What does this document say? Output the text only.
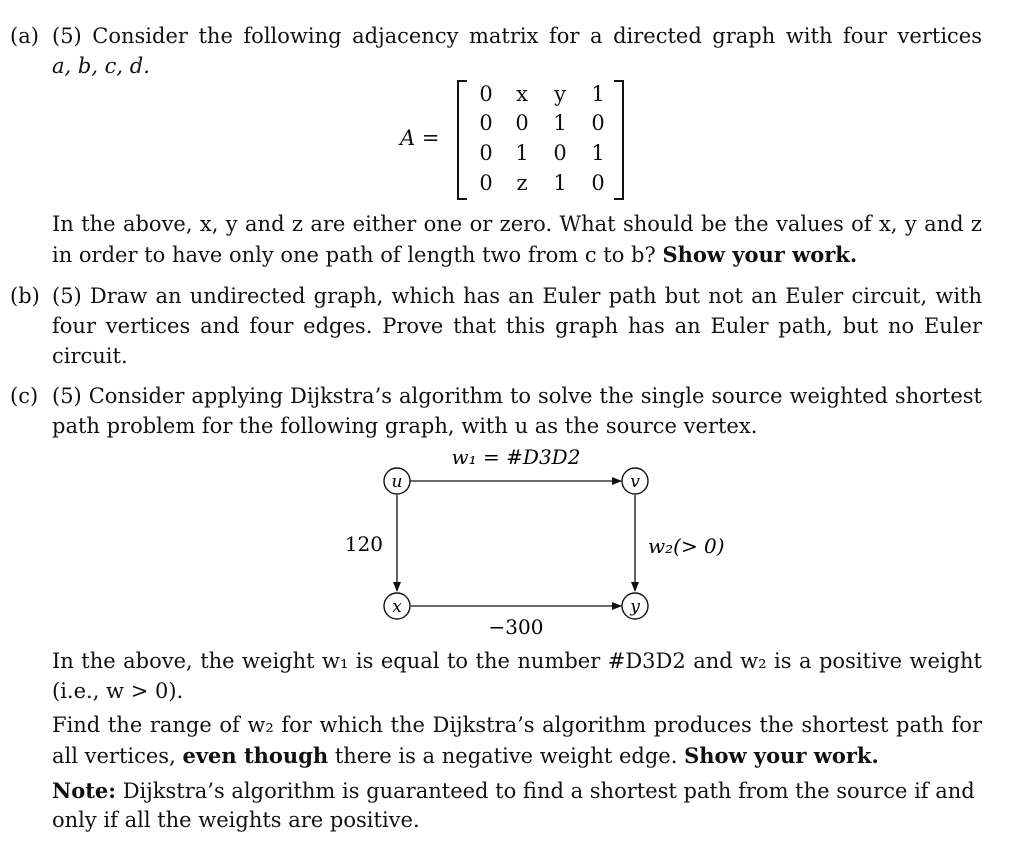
(a) (5) Consider the following adjacency matrix for a directed graph with four vertices
a, b, c, d.
A =
0	x	y	1
0	0	1	0
0	1	0	1
0	z	1	0
In the above, x, y and z are either one or zero. What should be the values of x, y and z
in order to have only one path of length two from c to b? Show your work.
(b) (5) Draw an undirected graph, which has an Euler path but not an Euler circuit, with
four vertices and four edges. Prove that this graph has an Euler path, but no Euler
circuit.
(c) (5) Consider applying Dijkstra’s algorithm to solve the single source weighted shortest
path problem for the following graph, with u as the source vertex.
u	v
x	y
w₁ = #D3D2
120	w₂(> 0)
−300
In the above, the weight w₁ is equal to the number #D3D2 and w₂ is a positive weight
(i.e., w > 0).
Find the range of w₂ for which the Dijkstra’s algorithm produces the shortest path for
all vertices, even though there is a negative weight edge. Show your work.
Note: Dijkstra’s algorithm is guaranteed to find a shortest path from the source if and
only if all the weights are positive.
